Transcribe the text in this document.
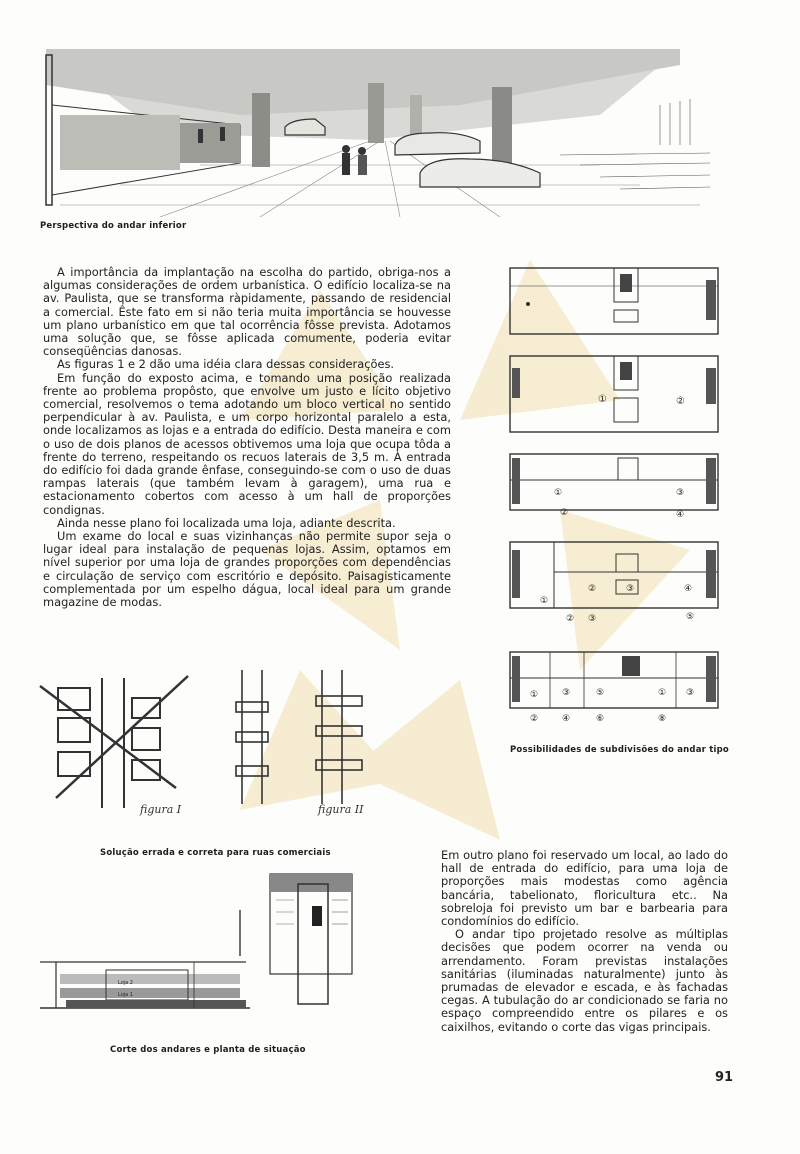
Perspectiva do andar inferior

A importância da implantação na escolha do partido, obriga-nos a algumas considerações de ordem urbanística. O edifício localiza-se na av. Paulista, que se transforma ràpidamente, passando de residencial a comercial. Êste fato em si não teria muita importância se houvesse um plano urbanístico em que tal ocorrência fôsse prevista. Adotamos uma solução que, se fôsse aplicada comumente, poderia evitar conseqüências danosas.

As figuras 1 e 2 dão uma idéia clara dessas considerações.

Em função do exposto acima, e tomando uma posição realizada frente ao problema propôsto, que envolve um justo e lícito objetivo comercial, resolvemos o tema adotando um bloco vertical no sentido perpendicular à av. Paulista, e um corpo horizontal paralelo a esta, onde localizamos as lojas e a entrada do edifício. Desta maneira e com o uso de dois planos de acessos obtivemos uma loja que ocupa tôda a frente do terreno, respeitando os recuos laterais de 3,5 m. À entrada do edifício foi dada grande ênfase, conseguindo-se com o uso de duas rampas laterais (que também levam à garagem), uma rua e estacionamento cobertos com acesso à um hall de proporções condignas.

Ainda nesse plano foi localizada uma loja, adiante descrita.

Um exame do local e suas vizinhanças não permite supor seja o lugar ideal para instalação de pequenas lojas. Assim, optamos em nível superior por uma loja de grandes proporções com dependências e circulação de serviço com escritório e depósito. Paisagisticamente complementada por um espelho dágua, local ideal para um grande magazine de modas.

①	②
①	③
②	④
①
②	③	④
② ③	⑤
①	③	⑤	① ③
②	④	⑥	⑧
Possibilidades de subdivisões do andar tipo
figura I	figura II
Solução errada e correta para ruas comerciais
Loja 2
Loja 1
Corte dos andares e planta de situação

Em outro plano foi reservado um local, ao lado do hall de entrada do edifício, para uma loja de proporções mais modestas como agência bancária, tabelionato, floricultura etc.. Na sobreloja foi previsto um bar e barbearia para condomínios do edifício.

O andar tipo projetado resolve as múltiplas decisões que podem ocorrer na venda ou arrendamento. Foram previstas instalações sanitárias (iluminadas naturalmente) junto às prumadas de elevador e escada, e às fachadas cegas. A tubulação do ar condicionado se faria no espaço compreendido entre os pilares e os caixilhos, evitando o corte das vigas principais.

91
